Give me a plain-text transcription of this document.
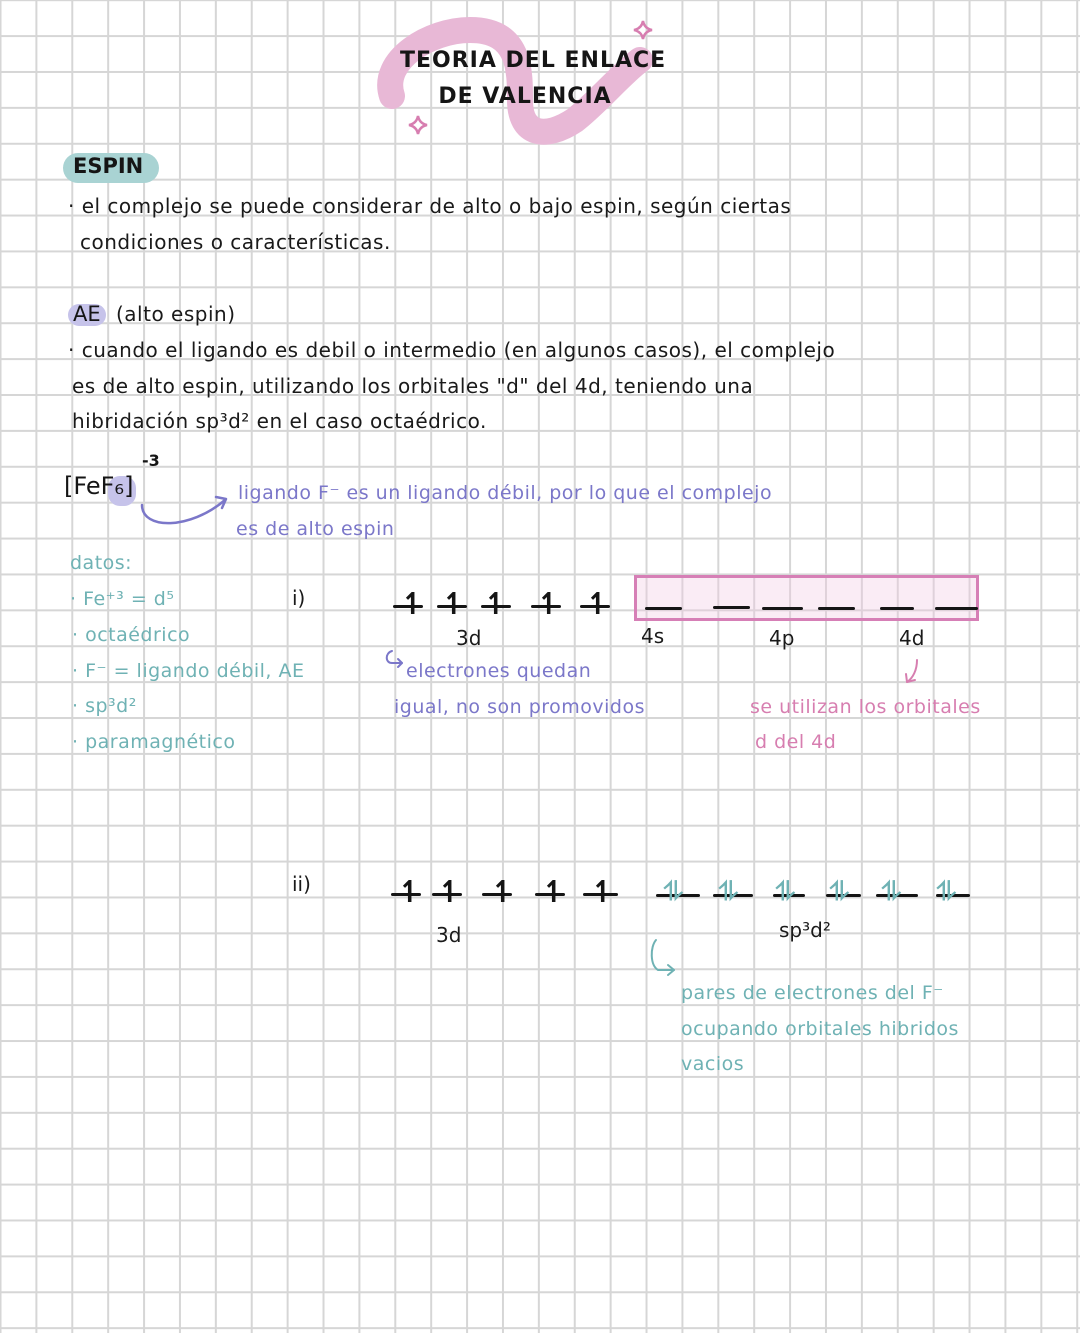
TEORIA DEL ENLACE
DE VALENCIA
ESPIN
· el complejo se puede considerar de alto o bajo espin, según ciertas
condiciones o características.
AE (alto espin)
· cuando el ligando es debil o intermedio (en algunos casos), el complejo
es de alto espin, utilizando los orbitales "d" del 4d, teniendo una
hibridación sp³d² en el caso octaédrico.
[FeF₆]
-3
ligando F⁻ es un ligando débil, por lo que el complejo
es de alto espin
datos:
· Fe⁺³ = d⁵
· octaédrico
· F⁻ = ligando débil, AE
· sp³d²
· paramagnético
i)	↿ ↿ ↿ ↿ ↿
3d	4s	4p	4d
electrones quedan
igual, no son promovidos	se utilizan los orbitales
d del 4d
ii)	↿ ↿ ↿ ↿ ↿
3d
⥮ ⥮ ⥮ ⥮ ⥮ ⥮
sp³d²
pares de electrones del F⁻
ocupando orbitales hibridos
vacios
